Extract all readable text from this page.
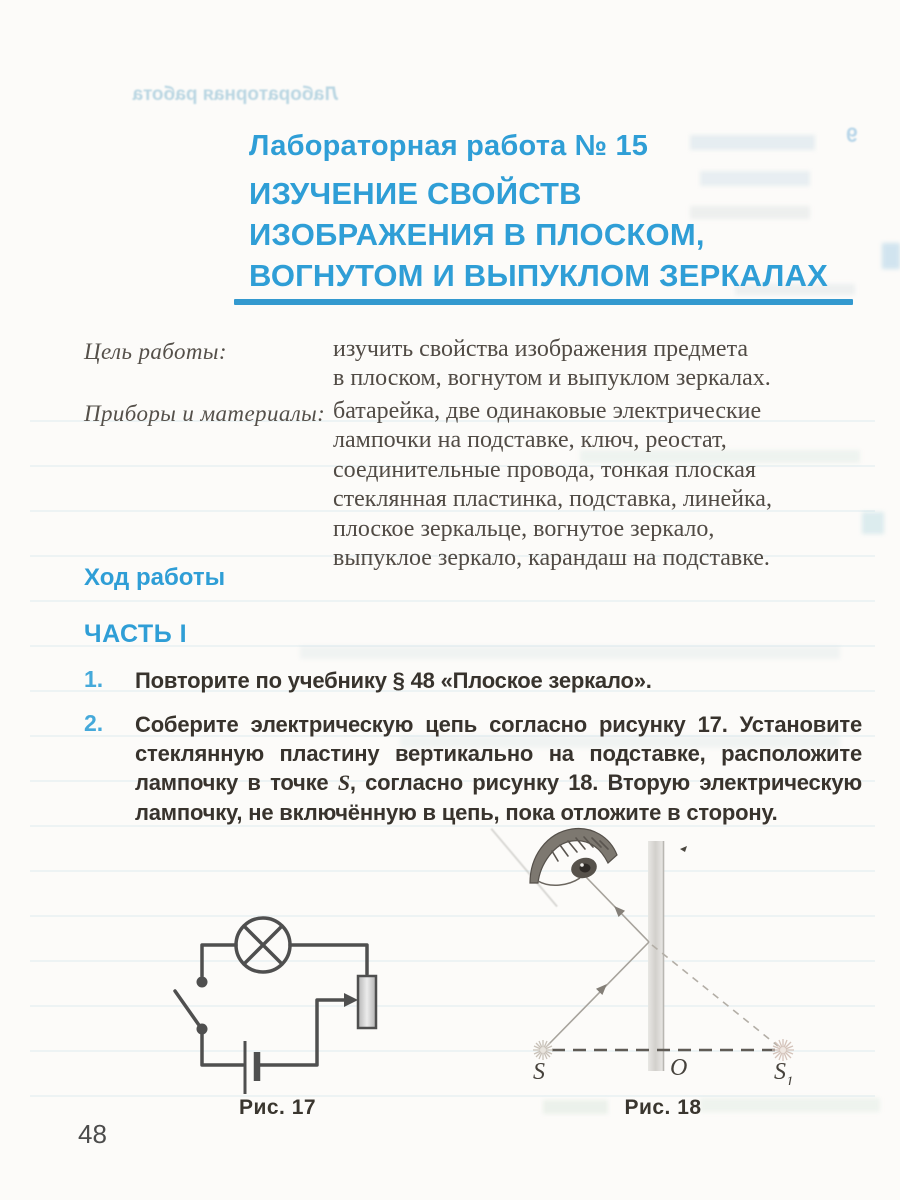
Лабораторная работа
9
Лабораторная работа № 15
ИЗУЧЕНИЕ СВОЙСТВ
ИЗОБРАЖЕНИЯ В ПЛОСКОМ,
ВОГНУТОМ И ВЫПУКЛОМ ЗЕРКАЛАХ
Цель работы:	изучить свойства изображения предмета
в плоском, вогнутом и выпуклом зеркалах.
Приборы и материалы: батарейка, две одинаковые электрические
лампочки на подставке, ключ, реостат,
соединительные провода, тонкая плоская
стеклянная пластинка, подставка, линейка,
плоское зеркальце, вогнутое зеркало,
выпуклое зеркало, карандаш на подставке.
Ход работы
ЧАСТЬ I
1. Повторите по учебнику § 48 «Плоское зеркало».
2. Соберите электрическую цепь согласно рисунку 17. Установите
стеклянную пластину вертикально на подставке, расположите
лампочку в точке S, согласно рисунку 18. Вторую электрическую
лампочку, не включённую в цепь, пока отложите в сторону.
Рис. 17
S	O	$S_1$
Рис. 18
48
